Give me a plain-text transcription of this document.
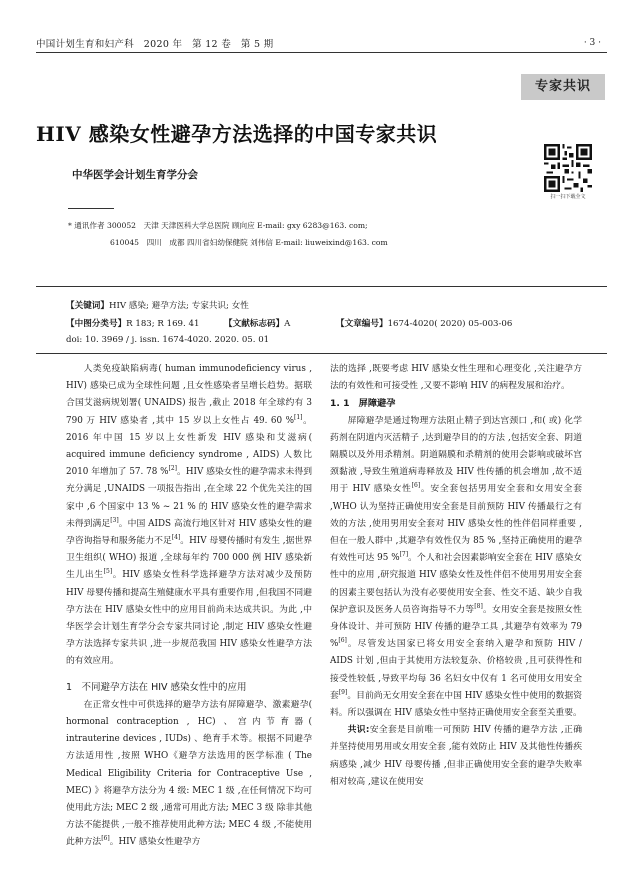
中国计划生育和妇产科　2020 年　第 12 卷　第 5 期	· 3 ·
专家共识
HIV 感染女性避孕方法选择的中国专家共识
中华医学会计划生育学分会
扫一扫下载全文
* 通讯作者 300052　天津 天津医科大学总医院 顾向应 E-mail: gxy 6283@163. com;
610045　四川　成都 四川省妇幼保健院 刘伟信 E-mail: liuweixind@163. com
【关键词】HIV 感染; 避孕方法; 专家共识; 女性
【中图分类号】R 183; R 169. 41	【文献标志码】A	【文章编号】1674-4020( 2020) 05-003-06
doi: 10. 3969 / j. issn. 1674-4020. 2020. 05. 01

人类免疫缺陷病毒( human immunodeficiency virus , HIV) 感染已成为全球性问题 ,且女性感染者呈增长趋势。据联合国艾滋病规划署( UNAIDS) 报告 ,截止 2018 年全球约有 3 790 万 HIV 感染者 ,其中 15 岁以上女性占 49. 60 %[1]。2016 年中国 15 岁以上女性新发 HIV 感染和艾滋病( acquired immune deficiency syndrome , AIDS) 人数比 2010 年增加了 57. 78 %[2]。HIV 感染女性的避孕需求未得到充分满足 ,UNAIDS 一项报告指出 ,在全球 22 个优先关注的国家中 ,6 个国家中 13 % ~ 21 % 的 HIV 感染女性的避孕需求未得到满足[3]。中国 AIDS 高流行地区针对 HIV 感染女性的避孕咨询指导和服务能力不足[4]。HIV 母婴传播时有发生 ,据世界卫生组织( WHO) 报道 ,全球每年约 700 000 例 HIV 感染新生儿出生[5]。HIV 感染女性科学选择避孕方法对减少及预防 HIV 母婴传播和提高生殖健康水平具有重要作用 ,但我国不同避孕方法在 HIV 感染女性中的应用目前尚未达成共识。为此 ,中华医学会计划生育学分会专家共同讨论 ,制定 HIV 感染女性避孕方法选择专家共识 ,进一步规范我国 HIV 感染女性避孕方法的有效应用。

1　不同避孕方法在 HIV 感染女性中的应用

在正常女性中可供选择的避孕方法有屏障避孕、激素避孕( hormonal contraception , HC) 、宫内节育器( intrauterine devices , IUDs) 、绝育手术等。根据不同避孕方法适用性 ,按照 WHO《避孕方法选用的医学标准 ( The Medical Eligibility Criteria for Contraceptive Use , MEC) 》将避孕方法分为 4 级: MEC 1 级 ,在任何情况下均可使用此方法; MEC 2 级 ,通常可用此方法; MEC 3 级 除非其他方法不能提供 ,一般不推荐使用此种方法; MEC 4 级 ,不能使用此种方法[6]。HIV 感染女性避孕方

法的选择 ,既要考虑 HIV 感染女性生理和心理变化 ,关注避孕方法的有效性和可接受性 ,又要不影响 HIV 的病程发展和治疗。

1. 1　屏障避孕

屏障避孕是通过物理方法阻止精子到达宫颈口 ,和( 或) 化学药剂在阴道内灭活精子 ,达到避孕目的的方法 ,包括安全套、阴道隔膜以及外用杀精剂。阴道隔膜和杀精剂的使用会影响或破坏宫颈黏液 ,导致生殖道病毒释放及 HIV 性传播的机会增加 ,故不适用于 HIV 感染女性[6]。安全套包括男用安全套和女用安全套 ,WHO 认为坚持正确使用安全套是目前预防 HIV 传播最行之有效的方法 ,使用男用安全套对 HIV 感染女性的性伴侣同样重要 ,但在一般人群中 ,其避孕有效性仅为 85 % ,坚持正确使用的避孕有效性可达 95 %[7]。个人和社会因素影响安全套在 HIV 感染女性中的应用 ,研究报道 HIV 感染女性及性伴侣不使用男用安全套的因素主要包括认为没有必要使用安全套、性交不适、缺少自我保护意识及医务人员咨询指导不力等[8]。女用安全套是按照女性身体设计、并可预防 HIV 传播的避孕工具 ,其避孕有效率为 79 %[6]。尽管发达国家已将女用安全套纳入避孕和预防 HIV / AIDS 计划 ,但由于其使用方法较复杂、价格较贵 ,且可获得性和接受性较低 ,导致平均每 36 名妇女中仅有 1 名可使用女用安全套[9]。目前尚无女用安全套在中国 HIV 感染女性中使用的数据资料。所以强调在 HIV 感染女性中坚持正确使用安全套至关重要。

共识:安全套是目前唯一可预防 HIV 传播的避孕方法 ,正确并坚持使用男用或女用安全套 ,能有效防止 HIV 及其他性传播疾病感染 ,减少 HIV 母婴传播 ,但非正确使用安全套的避孕失败率相对较高 ,建议在使用安
